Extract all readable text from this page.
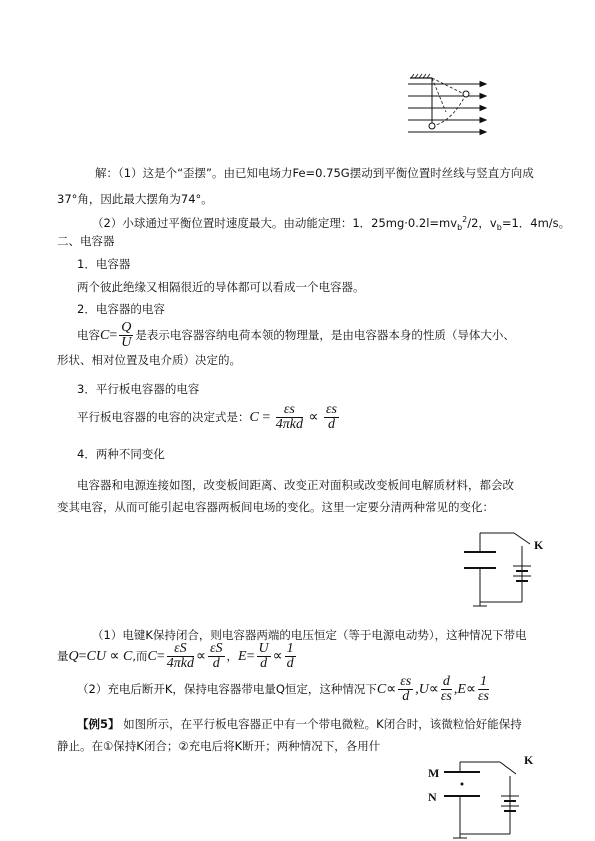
解：（1）这是个“歪摆”。由已知电场力Fe=0.75G摆动到平衡位置时丝线与竖直方向成
37°角，因此最大摆角为74°。
（2）小球通过平衡位置时速度最大。由动能定理：1．$25mg\cdot 0.2l=mv_b^2/2$，$v_b=1$．4m/s。
二、电容器
1．电容器
两个彼此绝缘又相隔很近的导体都可以看成一个电容器。
2．电容器的电容
电容$C= \frac{Q}{U}$ 是表示电容器容纳电荷本领的物理量，是由电容器本身的性质（导体大小、
形状、相对位置及电介质）决定的。
3．平行板电容器的电容
平行板电容器的电容的决定式是：$C = \frac{\varepsilon s}{\text{4πkd}} \propto \frac{\varepsilon s}{d}$
4．两种不同变化
电容器和电源连接如图，改变板间距离、改变正对面积或改变板间电解质材料，都会改
变其电容，从而可能引起电容器两板间电场的变化。这里一定要分清两种常见的变化：
K
（1）电键K保持闭合，则电容器两端的电压恒定（等于电源电动势），这种情况下带电
量Q=CU ∝ C,而$C= \frac{\varepsilon S}{\text{4πkd}} \propto \frac{\varepsilon S}{d}$ ，$E= \frac{U}{d} \propto \frac{1}{d}$
（2）充电后断开K，保持电容器带电量Q恒定，这种情况下$C\propto \frac{\varepsilon s}{d} ,U\propto \frac{d}{\varepsilon s} ,E\propto \frac{1}{\varepsilon s}$
【例5】 如图所示，在平行板电容器正中有一个带电微粒。K闭合时，该微粒恰好能保持
静止。在①保持K闭合；②充电后将K断开；两种情况下，各用什
K
M
N
